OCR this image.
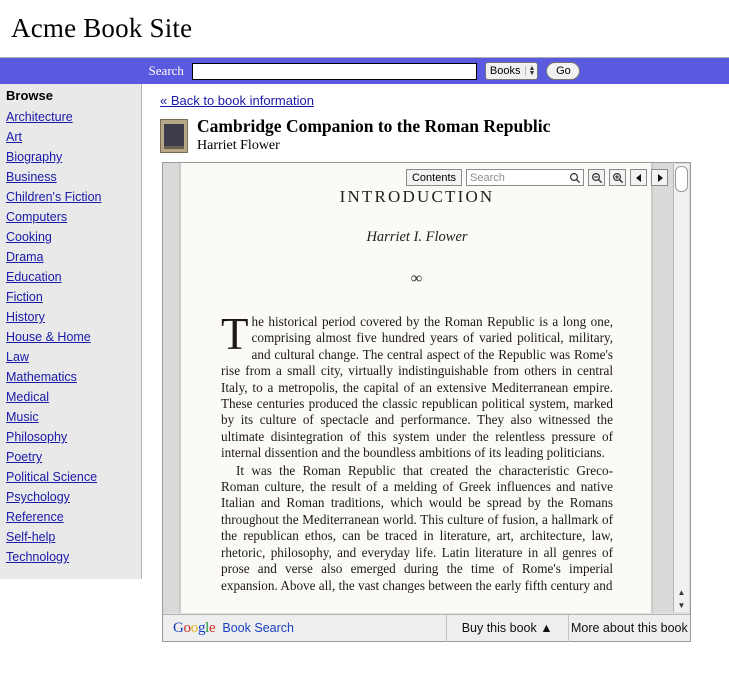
Acme Book Site
Search	Books ▲
▼	Go
Browse
Architecture
Art
Biography
Business
Children's Fiction
Computers
Cooking
Drama
Education
Fiction
History
House & Home
Law
Mathematics
Medical
Music
Philosophy
Poetry
Political Science
Psychology
Reference
Self-help
Technology
« Back to book information
Cambridge Companion to the Roman Republic
Harriet Flower
INTRODUCTION
Harriet I. Flower
∞

The historical period covered by the Roman Republic is a long one, comprising almost five hundred years of varied political, military, and cultural change. The central aspect of the Republic was Rome's rise from a small city, virtually indistinguishable from others in central Italy, to a metropolis, the capital of an extensive Mediterranean empire. These centuries produced the classic republican political system, marked by its culture of spectacle and performance. They also witnessed the ultimate disintegration of this system under the relentless pressure of internal dissention and the boundless ambitions of its leading politicians.

It was the Roman Republic that created the characteristic Greco-Roman culture, the result of a melding of Greek influences and native Italian and Roman traditions, which would be spread by the Romans throughout the Mediterranean world. This culture of fusion, a hallmark of the republican ethos, can be traced in literature, art, architecture, law, rhetoric, philosophy, and everyday life. Latin literature in all genres of prose and verse also emerged during the time of Rome's imperial expansion. Above all, the vast changes between the early fifth century and

Contents	Search
▲
▼
Google Book Search	Buy this book ▲	More about this book
